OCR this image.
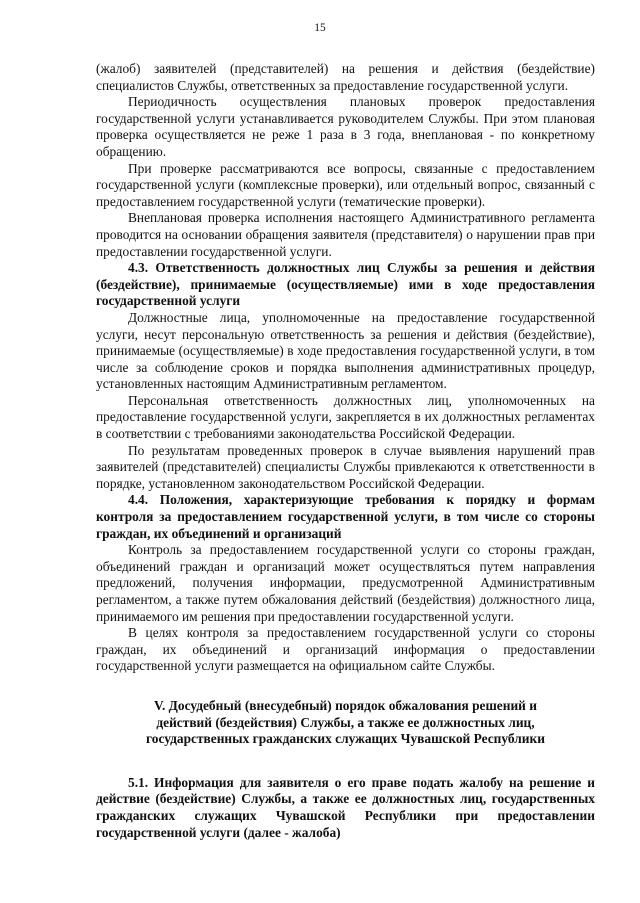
15

(жалоб) заявителей (представителей) на решения и действия (бездействие) специалистов Службы, ответственных за предоставление государственной услуги.

Периодичность осуществления плановых проверок предоставления государственной услуги устанавливается руководителем Службы. При этом плановая проверка осуществляется не реже 1 раза в 3 года, внеплановая - по конкретному обращению.

При проверке рассматриваются все вопросы, связанные с предоставлением государственной услуги (комплексные проверки), или отдельный вопрос, связанный с предоставлением государственной услуги (тематические проверки).

Внеплановая проверка исполнения настоящего Административного регламента проводится на основании обращения заявителя (представителя) о нарушении прав при предоставлении государственной услуги.

4.3. Ответственность должностных лиц Службы за решения и действия (бездействие), принимаемые (осуществляемые) ими в ходе предоставления государственной услуги

Должностные лица, уполномоченные на предоставление государственной услуги, несут персональную ответственность за решения и действия (бездействие), принимаемые (осуществляемые) в ходе предоставления государственной услуги, в том числе за соблюдение сроков и порядка выполнения административных процедур, установленных настоящим Административным регламентом.

Персональная ответственность должностных лиц, уполномоченных на предоставление государственной услуги, закрепляется в их должностных регламентах в соответствии с требованиями законодательства Российской Федерации.

По результатам проведенных проверок в случае выявления нарушений прав заявителей (представителей) специалисты Службы привлекаются к ответственности в порядке, установленном законодательством Российской Федерации.

4.4. Положения, характеризующие требования к порядку и формам контроля за предоставлением государственной услуги, в том числе со стороны граждан, их объединений и организаций

Контроль за предоставлением государственной услуги со стороны граждан, объединений граждан и организаций может осуществляться путем направления предложений, получения информации, предусмотренной Административным регламентом, а также путем обжалования действий (бездействия) должностного лица, принимаемого им решения при предоставлении государственной услуги.

В целях контроля за предоставлением государственной услуги со стороны граждан, их объединений и организаций информация о предоставлении государственной услуги размещается на официальном сайте Службы.

V. Досудебный (внесудебный) порядок обжалования решений и
действий (бездействия) Службы, а также ее должностных лиц,
государственных гражданских служащих Чувашской Республики

5.1. Информация для заявителя о его праве подать жалобу на решение и действие (бездействие) Службы, а также ее должностных лиц, государственных гражданских служащих Чувашской Республики при предоставлении государственной услуги (далее - жалоба)
